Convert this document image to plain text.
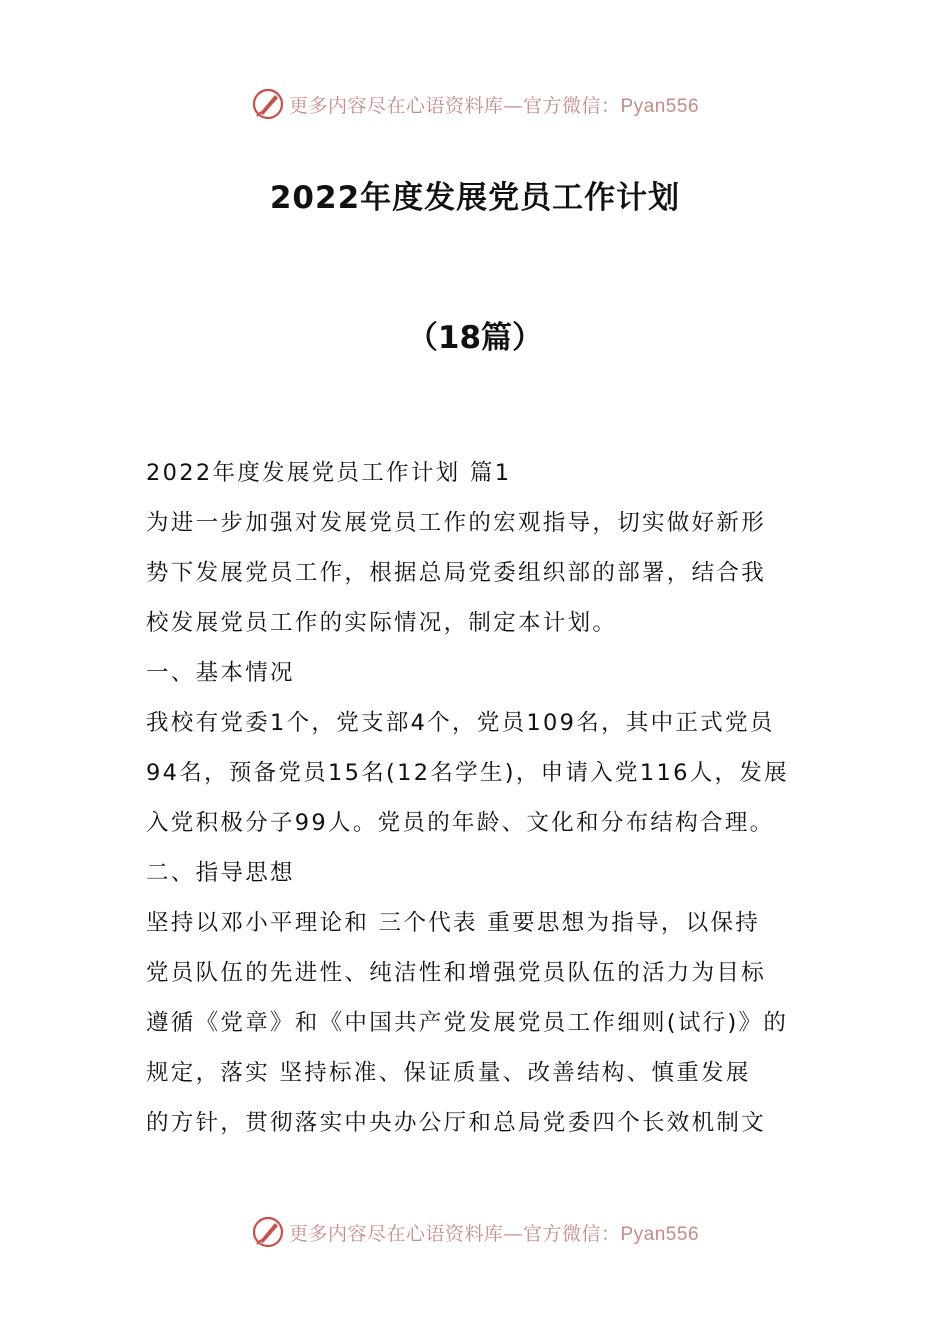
更多内容尽在心语资料库—官方微信：Pyan556
2022年度发展党员工作计划
（18篇）
2022年度发展党员工作计划 篇1
为进一步加强对发展党员工作的宏观指导，切实做好新形
势下发展党员工作，根据总局党委组织部的部署，结合我
校发展党员工作的实际情况，制定本计划。
一、基本情况
我校有党委1个，党支部4个，党员109名，其中正式党员
94名，预备党员15名(12名学生)，申请入党116人，发展
入党积极分子99人。党员的年龄、文化和分布结构合理。
二、指导思想
坚持以邓小平理论和 三个代表 重要思想为指导，以保持
党员队伍的先进性、纯洁性和增强党员队伍的活力为目标
遵循《党章》和《中国共产党发展党员工作细则(试行)》的
规定，落实 坚持标准、保证质量、改善结构、慎重发展
的方针，贯彻落实中央办公厅和总局党委四个长效机制文
更多内容尽在心语资料库—官方微信：Pyan556
